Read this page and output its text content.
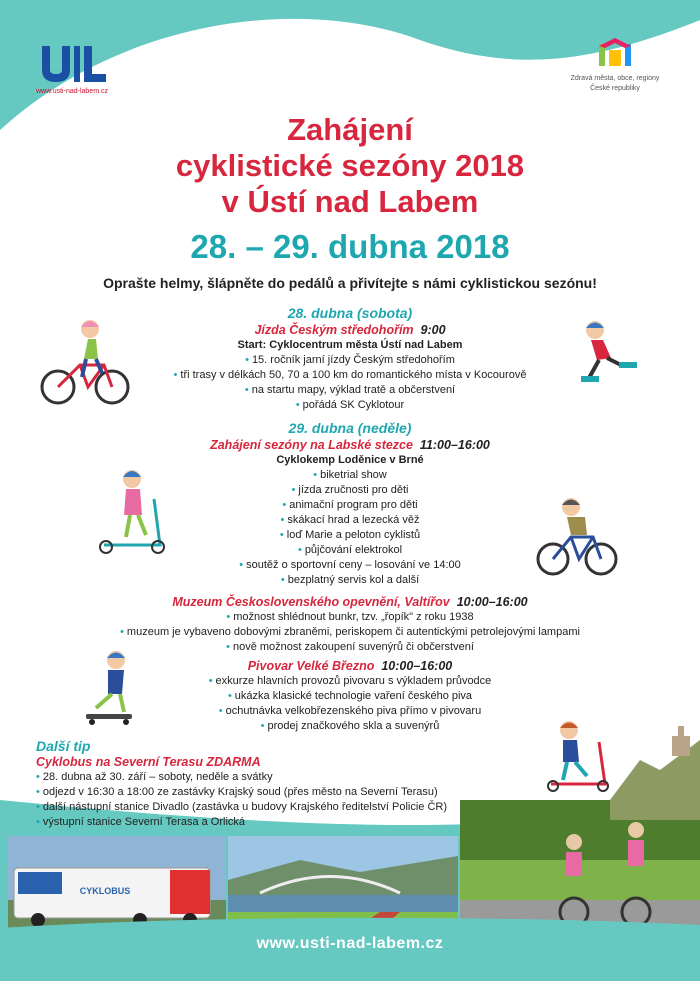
www.usti-nad-labem.cz
Zdravá města, obce, regiony
České republiky
Zahájení
cyklistické sezóny 2018
v Ústí nad Labem
28. – 29. dubna 2018
Oprašte helmy, šlápněte do pedálů a přivítejte s námi cyklistickou sezónu!
28. dubna (sobota)
Jízda Českým středohořím 9:00
Start: Cyklocentrum města Ústí nad Labem
• 15. ročník jarní jízdy Českým středohořím
• tři trasy v délkách 50, 70 a 100 km do romantického místa v Kocourově
• na startu mapy, výklad tratě a občerstvení
• pořádá SK Cyklotour
29. dubna (neděle)
Zahájení sezóny na Labské stezce 11:00–16:00
Cyklokemp Loděnice v Brné
• biketrial show
• jízda zručnosti pro děti
• animační program pro děti
• skákací hrad a lezecká věž
• loď Marie a peloton cyklistů
• půjčování elektrokol
• soutěž o sportovní ceny – losování ve 14:00
• bezplatný servis kol a další
Muzeum Československého opevnění, Valtířov 10:00–16:00
• možnost shlédnout bunkr, tzv. „řopík" z roku 1938
• muzeum je vybaveno dobovými zbraněmi, periskopem či autentickými petrolejovými lampami
• nově možnost zakoupení suvenýrů či občerstvení
Pivovar Velké Březno 10:00–16:00
• exkurze hlavních provozů pivovaru s výkladem průvodce
• ukázka klasické technologie vaření českého piva
• ochutnávka velkobřezenského piva přímo v pivovaru
• prodej značkového skla a suvenýrů
Další tip
Cyklobus na Severní Terasu ZDARMA
• 28. dubna až 30. září – soboty, neděle a svátky
• odjezd v 16:30 a 18:00 ze zastávky Krajský soud (přes město na Severní Terasu)
• další nástupní stanice Divadlo (zastávka u budovy Krajského ředitelství Policie ČR)
• výstupní stanice Severní Terasa a Orlická
CYKLOBUS
www.usti-nad-labem.cz
